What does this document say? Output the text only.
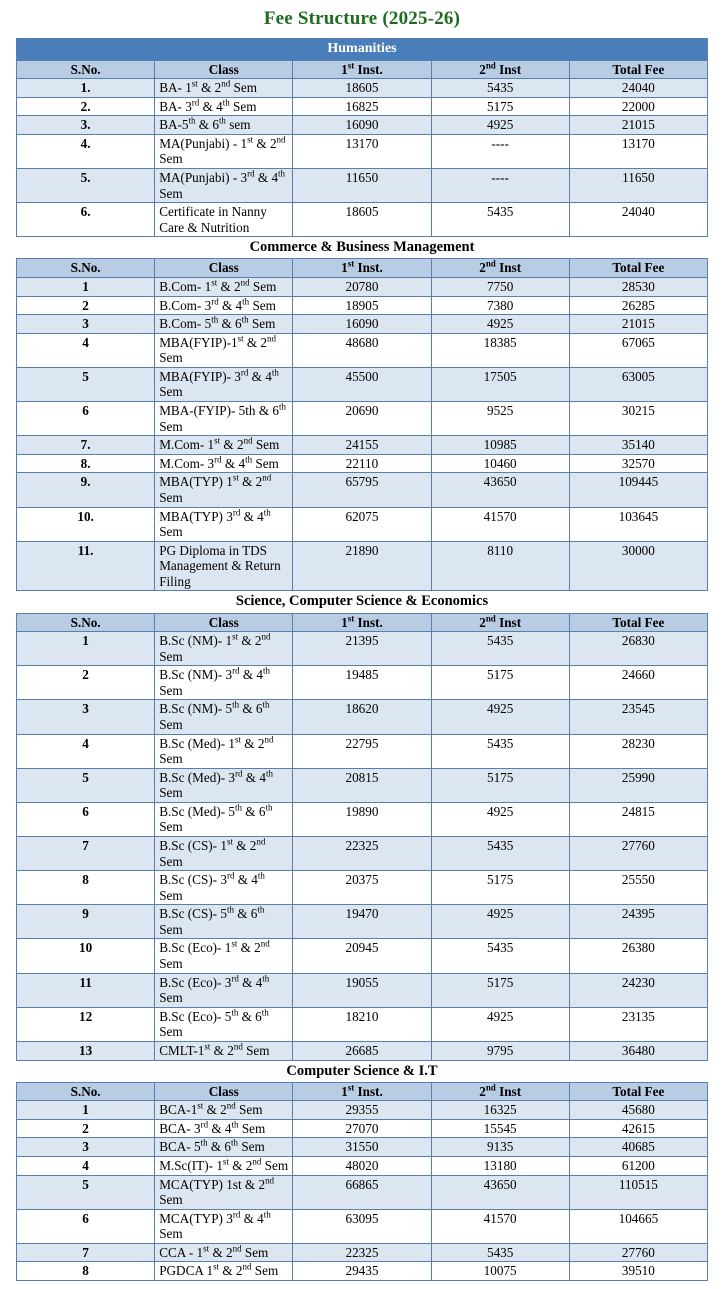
Fee Structure (2025-26)
Humanities				
S.No.	Class	1st Inst.	2nd Inst	Total Fee
1.	BA- 1st & 2nd Sem	18605	5435	24040
2.	BA- 3rd & 4th Sem	16825	5175	22000
3.	BA-5th & 6th sem	16090	4925	21015
4.	MA(Punjabi) - 1st & 2nd Sem	13170	----	13170
5.	MA(Punjabi) - 3rd & 4th Sem	11650	----	11650
6.	Certificate in Nanny Care & Nutrition	18605	5435	24040
Commerce & Business Management				
S.No.	Class	1st Inst.	2nd Inst	Total Fee
1	B.Com- 1st & 2nd Sem	20780	7750	28530
2	B.Com- 3rd & 4th Sem	18905	7380	26285
3	B.Com- 5th & 6th Sem	16090	4925	21015
4	MBA(FYIP)-1st & 2nd Sem	48680	18385	67065
5	MBA(FYIP)- 3rd & 4th Sem	45500	17505	63005
6	MBA-(FYIP)- 5th & 6th Sem	20690	9525	30215
7.	M.Com- 1st & 2nd Sem	24155	10985	35140
8.	M.Com- 3rd & 4th Sem	22110	10460	32570
9.	MBA(TYP) 1st & 2nd Sem	65795	43650	109445
10.	MBA(TYP) 3rd & 4th Sem	62075	41570	103645
11.	PG Diploma in TDS Management & Return Filing	21890	8110	30000
Science, Computer Science & Economics				
S.No.	Class	1st Inst.	2nd Inst	Total Fee
1	B.Sc (NM)- 1st & 2nd Sem	21395	5435	26830
2	B.Sc (NM)- 3rd & 4th Sem	19485	5175	24660
3	B.Sc (NM)- 5th & 6th Sem	18620	4925	23545
4	B.Sc (Med)- 1st & 2nd Sem	22795	5435	28230
5	B.Sc (Med)- 3rd & 4th Sem	20815	5175	25990
6	B.Sc (Med)- 5th & 6th Sem	19890	4925	24815
7	B.Sc (CS)- 1st & 2nd Sem	22325	5435	27760
8	B.Sc (CS)- 3rd & 4th Sem	20375	5175	25550
9	B.Sc (CS)- 5th & 6th Sem	19470	4925	24395
10	B.Sc (Eco)- 1st & 2nd Sem	20945	5435	26380
11	B.Sc (Eco)- 3rd & 4th Sem	19055	5175	24230
12	B.Sc (Eco)- 5th & 6th Sem	18210	4925	23135
13	CMLT-1st & 2nd Sem	26685	9795	36480
Computer Science & I.T				
S.No.	Class	1st Inst.	2nd Inst	Total Fee
1	BCA-1st & 2nd Sem	29355	16325	45680
2	BCA- 3rd & 4th Sem	27070	15545	42615
3	BCA- 5th & 6th Sem	31550	9135	40685
4	M.Sc(IT)- 1st & 2nd Sem	48020	13180	61200
5	MCA(TYP) 1st & 2nd Sem	66865	43650	110515
6	MCA(TYP) 3rd & 4th Sem	63095	41570	104665
7	CCA - 1st & 2nd Sem	22325	5435	27760
8	PGDCA 1st & 2nd Sem	29435	10075	39510
